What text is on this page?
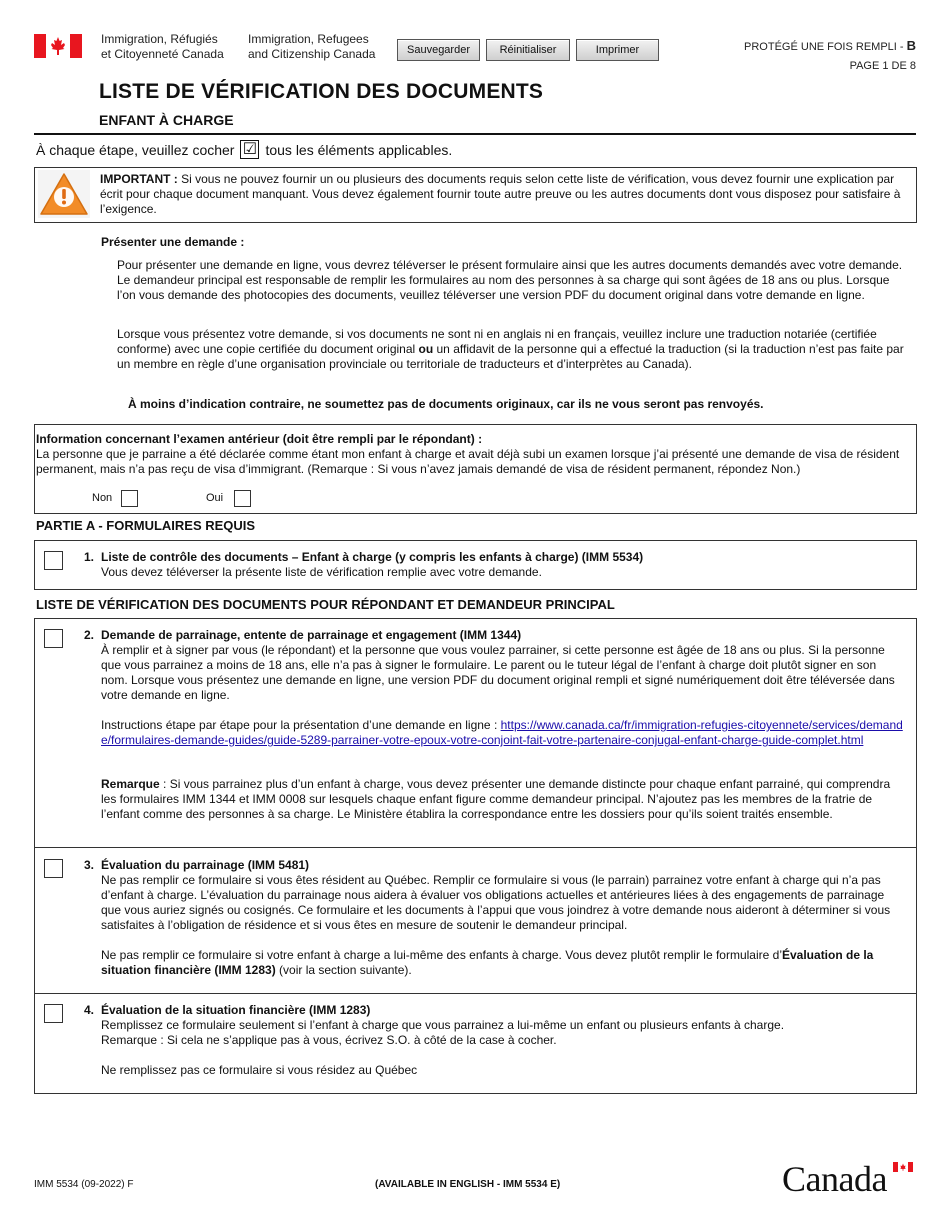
Immigration, Réfugiés
et Citoyenneté Canada
Immigration, Refugees
and Citizenship Canada	Sauvegarder	Réinitialiser	Imprimer	PROTÉGÉ UNE FOIS REMPLI - B
PAGE 1 DE 8
LISTE DE VÉRIFICATION DES DOCUMENTS
ENFANT À CHARGE
À chaque étape, veuillez cocher ☑ tous les éléments applicables.
IMPORTANT : Si vous ne pouvez fournir un ou plusieurs des documents requis selon cette liste de vérification, vous devez fournir une explication par écrit pour chaque document manquant. Vous devez également fournir toute autre preuve ou les autres documents dont vous disposez pour satisfaire à l’exigence.
Présenter une demande :
Pour présenter une demande en ligne, vous devrez téléverser le présent formulaire ainsi que les autres documents demandés avec votre demande. Le demandeur principal est responsable de remplir les formulaires au nom des personnes à sa charge qui sont âgées de 18 ans ou plus. Lorsque l’on vous demande des photocopies des documents, veuillez téléverser une version PDF du document original dans votre demande en ligne.
Lorsque vous présentez votre demande, si vos documents ne sont ni en anglais ni en français, veuillez inclure une traduction notariée (certifiée conforme) avec une copie certifiée du document original ou un affidavit de la personne qui a effectué la traduction (si la traduction n’est pas faite par un membre en règle d’une organisation provinciale ou territoriale de traducteurs et d’interprètes au Canada).
À moins d’indication contraire, ne soumettez pas de documents originaux, car ils ne vous seront pas renvoyés.
Information concernant l’examen antérieur (doit être rempli par le répondant) :
La personne que je parraine a été déclarée comme étant mon enfant à charge et avait déjà subi un examen lorsque j’ai présenté une demande de visa de résident permanent, mais n’a pas reçu de visa d’immigrant. (Remarque : Si vous n’avez jamais demandé de visa de résident permanent, répondez Non.)
Non	Oui
PARTIE A - FORMULAIRES REQUIS
1. Liste de contrôle des documents – Enfant à charge (y compris les enfants à charge) (IMM 5534)
Vous devez téléverser la présente liste de vérification remplie avec votre demande.
LISTE DE VÉRIFICATION DES DOCUMENTS POUR RÉPONDANT ET DEMANDEUR PRINCIPAL
2. Demande de parrainage, entente de parrainage et engagement (IMM 1344)
À remplir et à signer par vous (le répondant) et la personne que vous voulez parrainer, si cette personne est âgée de 18 ans ou plus. Si la personne que vous parrainez a moins de 18 ans, elle n’a pas à signer le formulaire. Le parent ou le tuteur légal de l’enfant à charge doit plutôt signer en son nom. Lorsque vous présentez une demande en ligne, une version PDF du document original rempli et signé numériquement doit être téléversée dans votre demande en ligne.
Instructions étape par étape pour la présentation d’une demande en ligne : https://www.canada.ca/fr/immigration-refugies-citoyennete/services/demande/formulaires-demande-guides/guide-5289-parrainer-votre-epoux-votre-conjoint-fait-votre-partenaire-conjugal-enfant-charge-guide-complet.html
Remarque : Si vous parrainez plus d’un enfant à charge, vous devez présenter une demande distincte pour chaque enfant parrainé, qui comprendra les formulaires IMM 1344 et IMM 0008 sur lesquels chaque enfant figure comme demandeur principal. N’ajoutez pas les membres de la fratrie de l’enfant comme des personnes à sa charge. Le Ministère établira la correspondance entre les dossiers pour qu’ils soient traités ensemble.
3. Évaluation du parrainage (IMM 5481)
Ne pas remplir ce formulaire si vous êtes résident au Québec. Remplir ce formulaire si vous (le parrain) parrainez votre enfant à charge qui n’a pas d’enfant à charge. L’évaluation du parrainage nous aidera à évaluer vos obligations actuelles et antérieures liées à des engagements de parrainage que vous auriez signés ou cosignés. Ce formulaire et les documents à l’appui que vous joindrez à votre demande nous aideront à déterminer si vous satisfaites à l’obligation de résidence et si vous êtes en mesure de soutenir le demandeur principal.
Ne pas remplir ce formulaire si votre enfant à charge a lui-même des enfants à charge. Vous devez plutôt remplir le formulaire d’Évaluation de la situation financière (IMM 1283) (voir la section suivante).
4. Évaluation de la situation financière (IMM 1283)
Remplissez ce formulaire seulement si l’enfant à charge que vous parrainez a lui-même un enfant ou plusieurs enfants à charge.
Remarque : Si cela ne s’applique pas à vous, écrivez S.O. à côté de la case à cocher.
Ne remplissez pas ce formulaire si vous résidez au Québec
IMM 5534 (09-2022) F	(AVAILABLE IN ENGLISH - IMM 5534 E)	Canada
